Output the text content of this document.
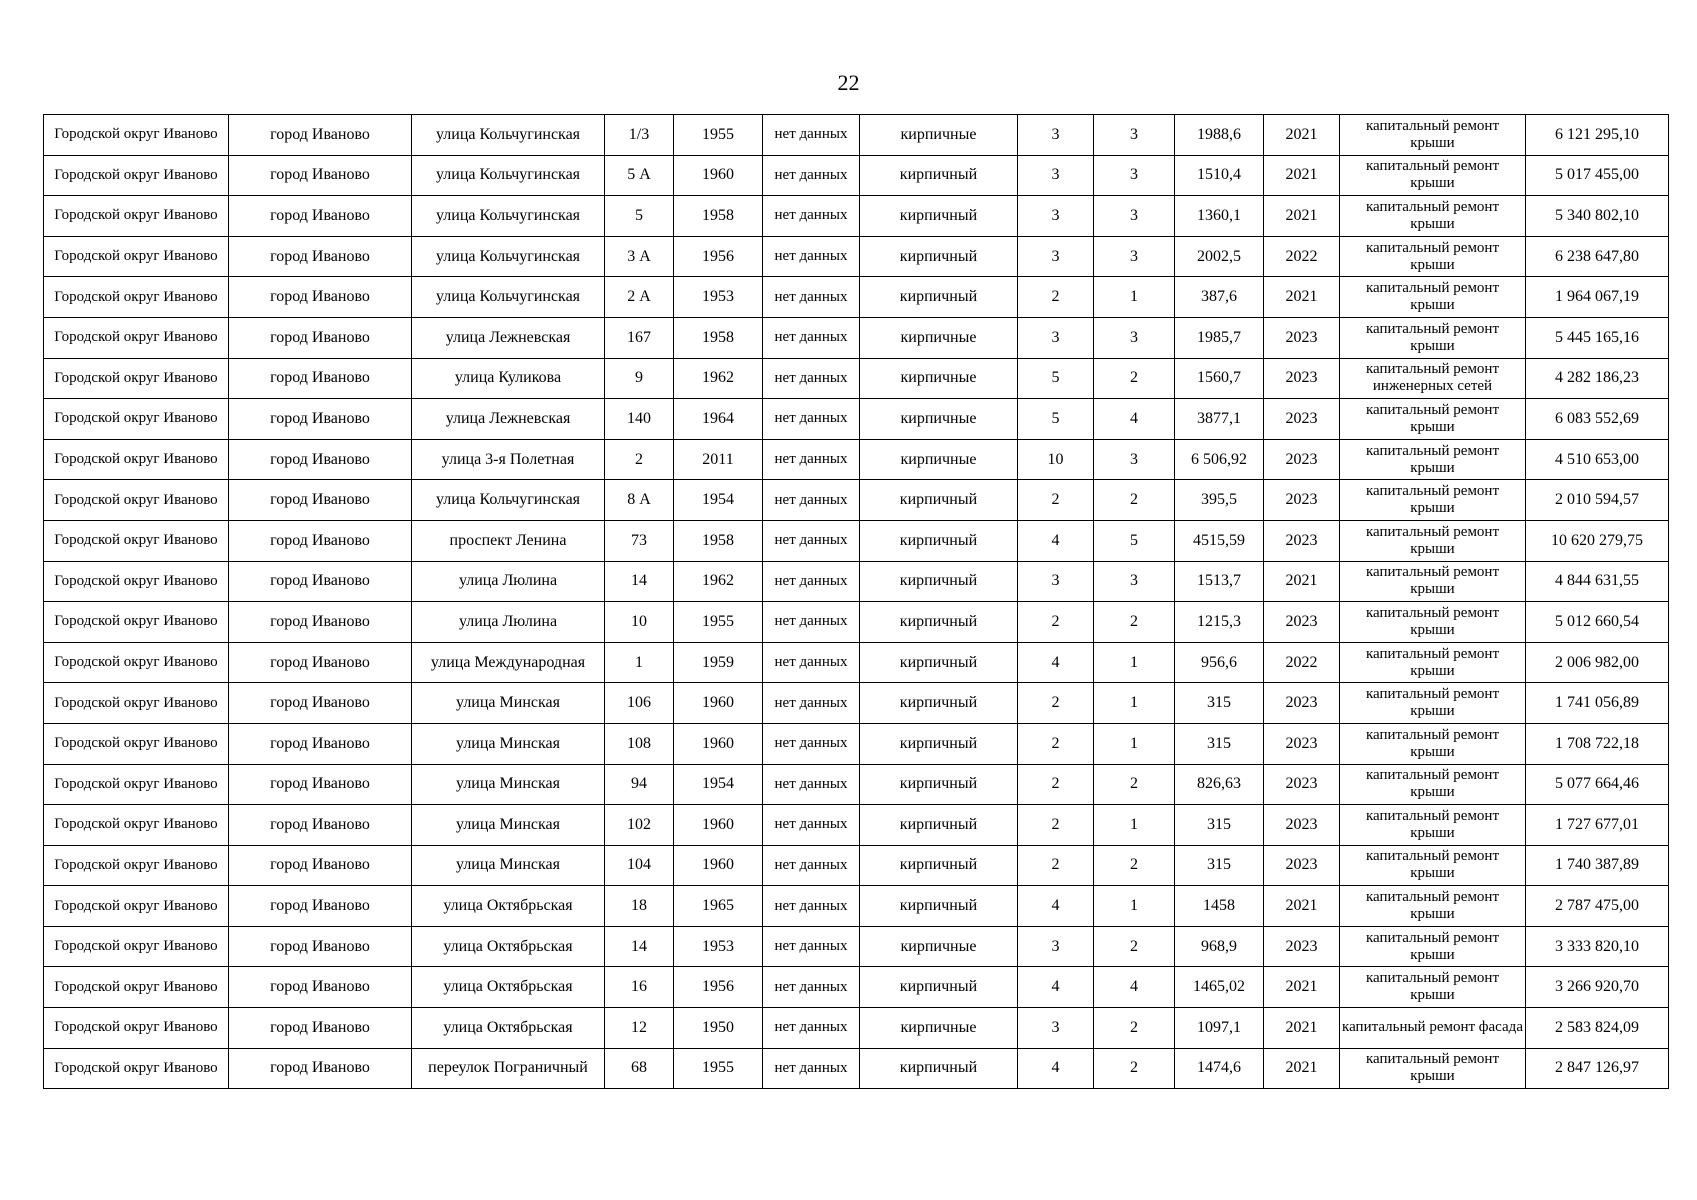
22
Городской округ Иваново	город Иваново	улица Кольчугинская	1/3	1955	нет данных	кирпичные	3	3	1988,6	2021	капитальный ремонт крыши	6 121 295,10
Городской округ Иваново	город Иваново	улица Кольчугинская	5 А	1960	нет данных	кирпичный	3	3	1510,4	2021	капитальный ремонт крыши	5 017 455,00
Городской округ Иваново	город Иваново	улица Кольчугинская	5	1958	нет данных	кирпичный	3	3	1360,1	2021	капитальный ремонт крыши	5 340 802,10
Городской округ Иваново	город Иваново	улица Кольчугинская	3 А	1956	нет данных	кирпичный	3	3	2002,5	2022	капитальный ремонт крыши	6 238 647,80
Городской округ Иваново	город Иваново	улица Кольчугинская	2 А	1953	нет данных	кирпичный	2	1	387,6	2021	капитальный ремонт крыши	1 964 067,19
Городской округ Иваново	город Иваново	улица Лежневская	167	1958	нет данных	кирпичные	3	3	1985,7	2023	капитальный ремонт крыши	5 445 165,16
Городской округ Иваново	город Иваново	улица Куликова	9	1962	нет данных	кирпичные	5	2	1560,7	2023	капитальный ремонт инженерных сетей	4 282 186,23
Городской округ Иваново	город Иваново	улица Лежневская	140	1964	нет данных	кирпичные	5	4	3877,1	2023	капитальный ремонт крыши	6 083 552,69
Городской округ Иваново	город Иваново	улица 3-я Полетная	2	2011	нет данных	кирпичные	10	3	6 506,92	2023	капитальный ремонт крыши	4 510 653,00
Городской округ Иваново	город Иваново	улица Кольчугинская	8 А	1954	нет данных	кирпичный	2	2	395,5	2023	капитальный ремонт крыши	2 010 594,57
Городской округ Иваново	город Иваново	проспект Ленина	73	1958	нет данных	кирпичный	4	5	4515,59	2023	капитальный ремонт крыши	10 620 279,75
Городской округ Иваново	город Иваново	улица Люлина	14	1962	нет данных	кирпичный	3	3	1513,7	2021	капитальный ремонт крыши	4 844 631,55
Городской округ Иваново	город Иваново	улица Люлина	10	1955	нет данных	кирпичный	2	2	1215,3	2023	капитальный ремонт крыши	5 012 660,54
Городской округ Иваново	город Иваново	улица Международная	1	1959	нет данных	кирпичный	4	1	956,6	2022	капитальный ремонт крыши	2 006 982,00
Городской округ Иваново	город Иваново	улица Минская	106	1960	нет данных	кирпичный	2	1	315	2023	капитальный ремонт крыши	1 741 056,89
Городской округ Иваново	город Иваново	улица Минская	108	1960	нет данных	кирпичный	2	1	315	2023	капитальный ремонт крыши	1 708 722,18
Городской округ Иваново	город Иваново	улица Минская	94	1954	нет данных	кирпичный	2	2	826,63	2023	капитальный ремонт крыши	5 077 664,46
Городской округ Иваново	город Иваново	улица Минская	102	1960	нет данных	кирпичный	2	1	315	2023	капитальный ремонт крыши	1 727 677,01
Городской округ Иваново	город Иваново	улица Минская	104	1960	нет данных	кирпичный	2	2	315	2023	капитальный ремонт крыши	1 740 387,89
Городской округ Иваново	город Иваново	улица Октябрьская	18	1965	нет данных	кирпичный	4	1	1458	2021	капитальный ремонт крыши	2 787 475,00
Городской округ Иваново	город Иваново	улица Октябрьская	14	1953	нет данных	кирпичные	3	2	968,9	2023	капитальный ремонт крыши	3 333 820,10
Городской округ Иваново	город Иваново	улица Октябрьская	16	1956	нет данных	кирпичный	4	4	1465,02	2021	капитальный ремонт крыши	3 266 920,70
Городской округ Иваново	город Иваново	улица Октябрьская	12	1950	нет данных	кирпичные	3	2	1097,1	2021	капитальный ремонт фасада	2 583 824,09
Городской округ Иваново	город Иваново	переулок Пограничный	68	1955	нет данных	кирпичный	4	2	1474,6	2021	капитальный ремонт крыши	2 847 126,97
